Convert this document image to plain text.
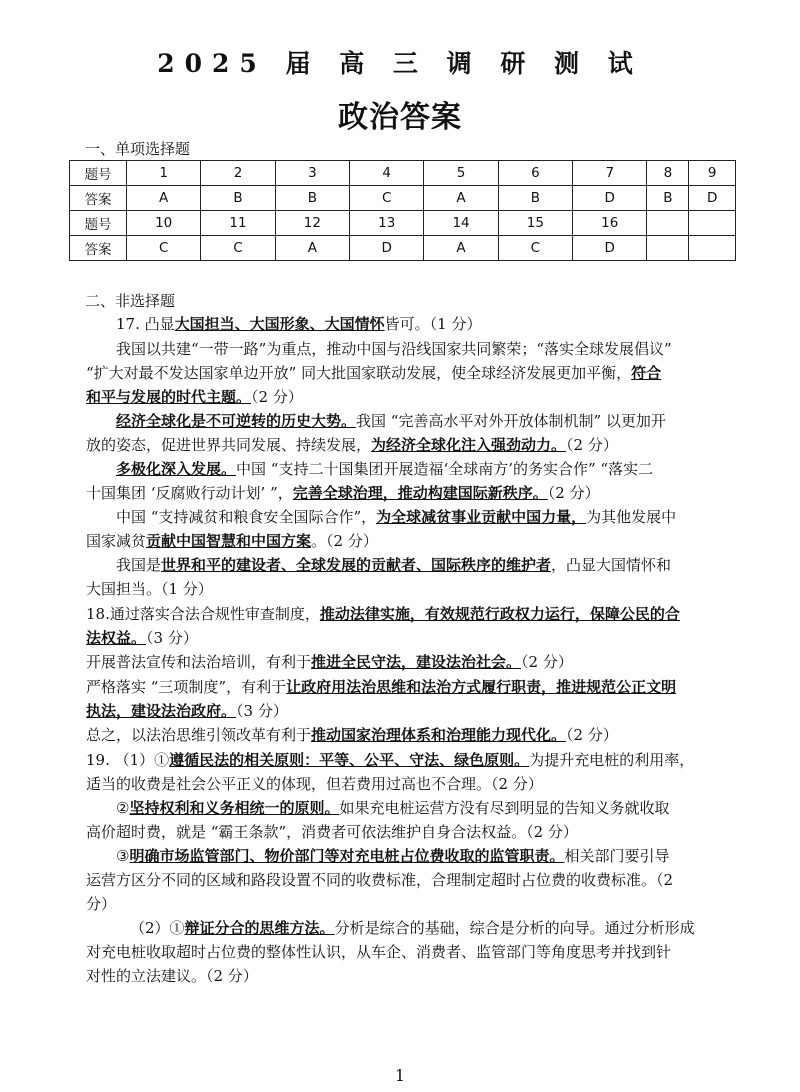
2025 届 高 三 调 研 测 试
政治答案
一、单项选择题
题号	1	2	3	4	5	6	7	8	9
答案	A	B	B	C	A	B	D	B	D
题号	10	11	12	13	14	15	16		
答案	C	C	A	D	A	C	D		
二、非选择题
17. 凸显大国担当、大国形象、大国情怀皆可。（1 分）
我国以共建“一带一路”为重点，推动中国与沿线国家共同繁荣；“落实全球发展倡议”
“扩大对最不发达国家单边开放” 同大批国家联动发展，使全球经济发展更加平衡，符合
和平与发展的时代主题。（2 分）
经济全球化是不可逆转的历史大势。我国 “完善高水平对外开放体制机制” 以更加开
放的姿态，促进世界共同发展、持续发展，为经济全球化注入强劲动力。（2 分）
多极化深入发展。中国 “支持二十国集团开展造福‘全球南方’的务实合作” “落实二
十国集团 ‘反腐败行动计划’ ”，完善全球治理，推动构建国际新秩序。（2 分）
中国 “支持减贫和粮食安全国际合作”，为全球减贫事业贡献中国力量，为其他发展中
国家减贫贡献中国智慧和中国方案。（2 分）
我国是世界和平的建设者、全球发展的贡献者、国际秩序的维护者，凸显大国情怀和
大国担当。（1 分）
18.通过落实合法合规性审查制度，推动法律实施，有效规范行政权力运行，保障公民的合
法权益。（3 分）
开展普法宣传和法治培训，有利于推进全民守法，建设法治社会。（2 分）
严格落实 “三项制度”，有利于让政府用法治思维和法治方式履行职责，推进规范公正文明
执法，建设法治政府。（3 分）
总之，以法治思维引领改革有利于推动国家治理体系和治理能力现代化。（2 分）
19. （1）①遵循民法的相关原则：平等、公平、守法、绿色原则。为提升充电桩的利用率，
适当的收费是社会公平正义的体现，但若费用过高也不合理。（2 分）
②坚持权利和义务相统一的原则。如果充电桩运营方没有尽到明显的告知义务就收取
高价超时费，就是 “霸王条款”，消费者可依法维护自身合法权益。（2 分）
③明确市场监管部门、物价部门等对充电桩占位费收取的监管职责。相关部门要引导
运营方区分不同的区域和路段设置不同的收费标准，合理制定超时占位费的收费标准。（2
分）
（2）①辩证分合的思维方法。分析是综合的基础，综合是分析的向导。通过分析形成
对充电桩收取超时占位费的整体性认识，从车企、消费者、监管部门等角度思考并找到针
对性的立法建议。（2 分）
1
